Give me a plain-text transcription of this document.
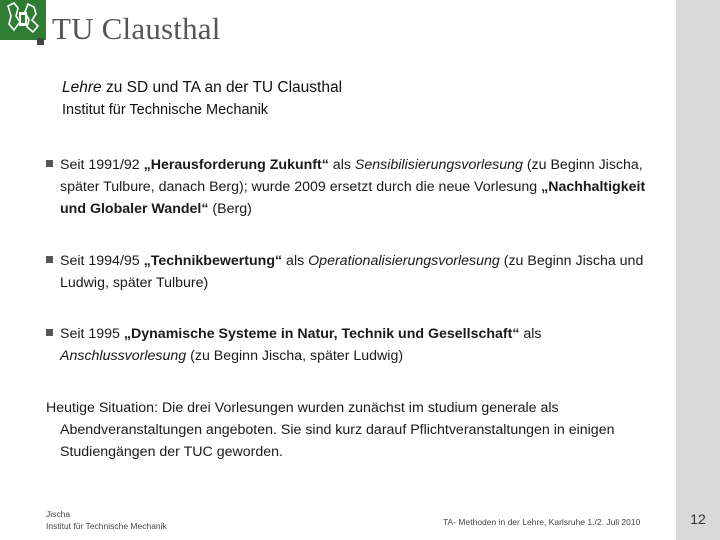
12
TU Clausthal
Lehre zu SD und TA an der TU Clausthal
Institut für Technische Mechanik
Seit 1991/92 „Herausforderung Zukunft“ als Sensibilisierungsvorlesung (zu Beginn Jischa, später Tulbure, danach Berg); wurde 2009 ersetzt durch die neue Vorlesung „Nachhaltigkeit und Globaler Wandel“ (Berg)
Seit 1994/95 „Technikbewertung“ als Operationalisierungsvorlesung (zu Beginn Jischa und Ludwig, später Tulbure)
Seit 1995 „Dynamische Systeme in Natur, Technik und Gesellschaft“ als Anschlussvorlesung (zu Beginn Jischa, später Ludwig)
Heutige Situation: Die drei Vorlesungen wurden zunächst im studium generale als
Abendveranstaltungen angeboten. Sie sind kurz darauf Pflichtveranstaltungen in einigen Studiengängen der TUC geworden.
Jischa
Institut für Technische Mechanik	TA- Methoden in der Lehre, Karlsruhe 1./2. Juli 2010
